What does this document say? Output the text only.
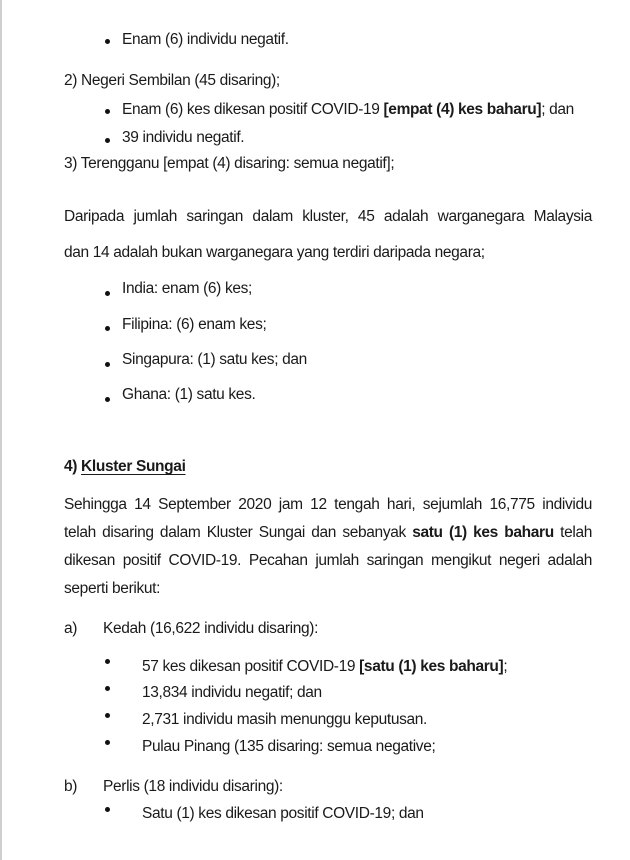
Enam (6) individu negatif.
2) Negeri Sembilan (45 disaring);
Enam (6) kes dikesan positif COVID-19 [empat (4) kes baharu]; dan
39 individu negatif.
3) Terengganu [empat (4) disaring: semua negatif];
Daripada jumlah saringan dalam kluster, 45 adalah warganegara Malaysia
dan 14 adalah bukan warganegara yang terdiri daripada negara;
India: enam (6) kes;
Filipina: (6) enam kes;
Singapura: (1) satu kes; dan
Ghana: (1) satu kes.
4) Kluster Sungai
Sehingga 14 September 2020 jam 12 tengah hari, sejumlah 16,775 individu
telah disaring dalam Kluster Sungai dan sebanyak satu (1) kes baharu telah
dikesan positif COVID-19. Pecahan jumlah saringan mengikut negeri adalah
seperti berikut:
a) Kedah (16,622 individu disaring):
57 kes dikesan positif COVID-19 [satu (1) kes baharu];
13,834 individu negatif; dan
2,731 individu masih menunggu keputusan.
Pulau Pinang (135 disaring: semua negative;
b) Perlis (18 individu disaring):
Satu (1) kes dikesan positif COVID-19; dan
